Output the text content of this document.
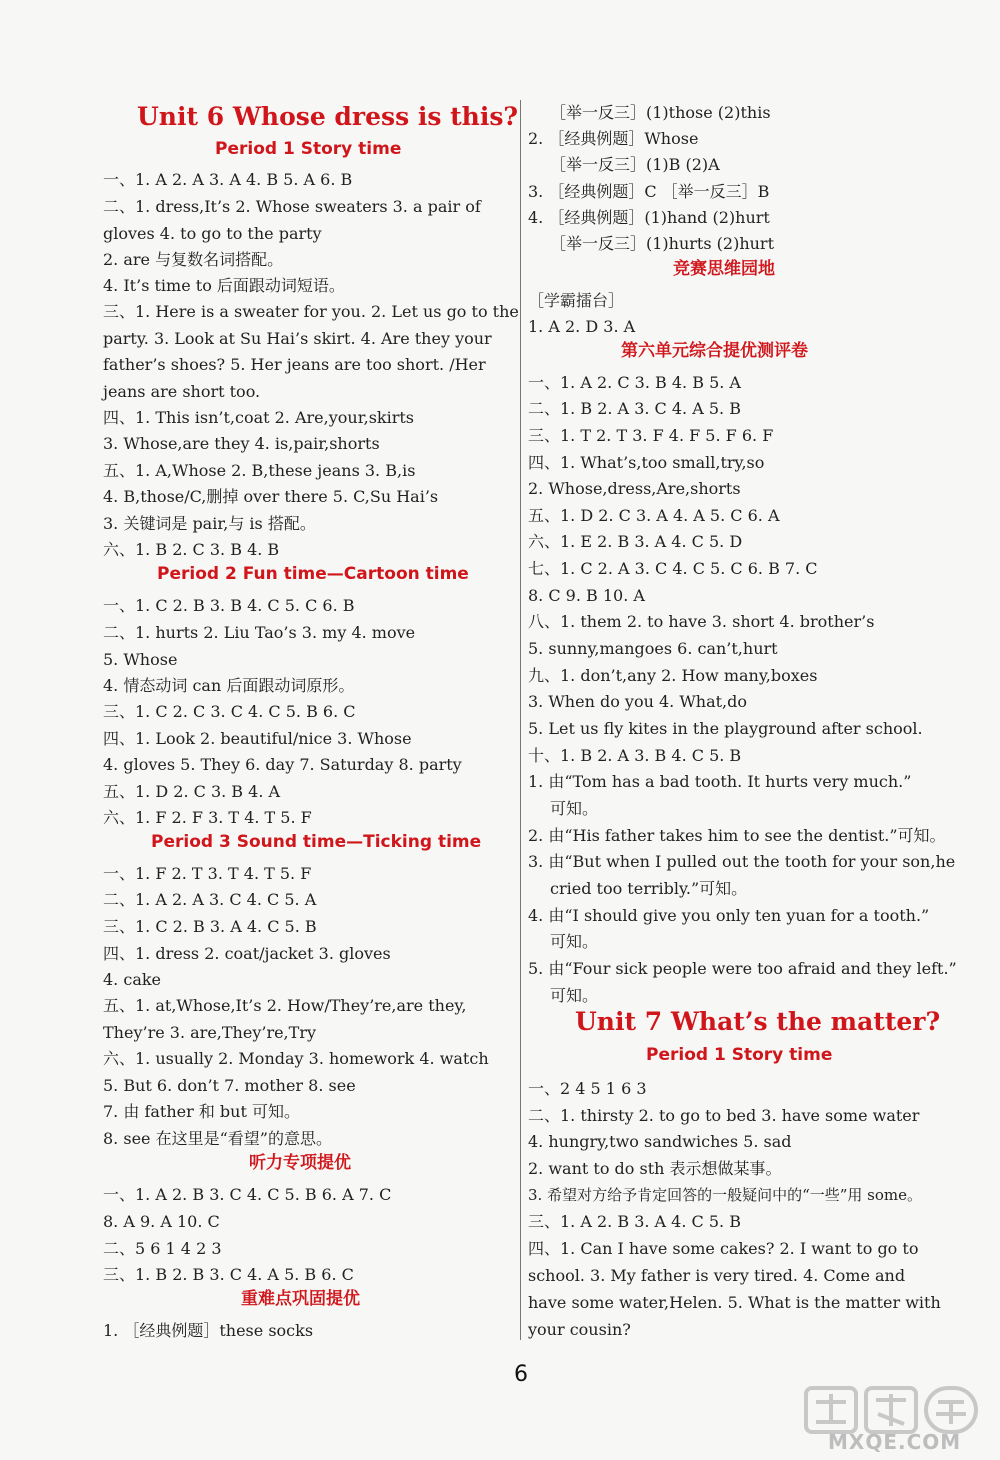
Unit 6 Whose dress is this?
Period 1 Story time
一、1. A 2. A 3. A 4. B 5. A 6. B
二、1. dress,It’s 2. Whose sweaters 3. a pair of
gloves 4. to go to the party
2. are 与复数名词搭配。
4. It’s time to 后面跟动词短语。
三、1. Here is a sweater for you. 2. Let us go to the
party. 3. Look at Su Hai’s skirt. 4. Are they your
father’s shoes? 5. Her jeans are too short. /Her
jeans are short too.
四、1. This isn’t,coat 2. Are,your,skirts
3. Whose,are they 4. is,pair,shorts
五、1. A,Whose 2. B,these jeans 3. B,is
4. B,those/C,删掉 over there 5. C,Su Hai’s
3. 关键词是 pair,与 is 搭配。
六、1. B 2. C 3. B 4. B
Period 2 Fun time—Cartoon time
一、1. C 2. B 3. B 4. C 5. C 6. B
二、1. hurts 2. Liu Tao’s 3. my 4. move
5. Whose
4. 情态动词 can 后面跟动词原形。
三、1. C 2. C 3. C 4. C 5. B 6. C
四、1. Look 2. beautiful/nice 3. Whose
4. gloves 5. They 6. day 7. Saturday 8. party
五、1. D 2. C 3. B 4. A
六、1. F 2. F 3. T 4. T 5. F
Period 3 Sound time—Ticking time
一、1. F 2. T 3. T 4. T 5. F
二、1. A 2. A 3. C 4. C 5. A
三、1. C 2. B 3. A 4. C 5. B
四、1. dress 2. coat/jacket 3. gloves
4. cake
五、1. at,Whose,It’s 2. How/They’re,are they,
They’re 3. are,They’re,Try
六、1. usually 2. Monday 3. homework 4. watch
5. But 6. don’t 7. mother 8. see
7. 由 father 和 but 可知。
8. see 在这里是“看望”的意思。
听力专项提优
一、1. A 2. B 3. C 4. C 5. B 6. A 7. C
8. A 9. A 10. C
二、5 6 1 4 2 3
三、1. B 2. B 3. C 4. A 5. B 6. C
重难点巩固提优
1. ［经典例题］these socks
［举一反三］(1)those (2)this
2. ［经典例题］Whose
［举一反三］(1)B (2)A
3. ［经典例题］C ［举一反三］B
4. ［经典例题］(1)hand (2)hurt
［举一反三］(1)hurts (2)hurt
竞赛思维园地
［学霸擂台］
1. A 2. D 3. A
第六单元综合提优测评卷
一、1. A 2. C 3. B 4. B 5. A
二、1. B 2. A 3. C 4. A 5. B
三、1. T 2. T 3. F 4. F 5. F 6. F
四、1. What’s,too small,try,so
2. Whose,dress,Are,shorts
五、1. D 2. C 3. A 4. A 5. C 6. A
六、1. E 2. B 3. A 4. C 5. D
七、1. C 2. A 3. C 4. C 5. C 6. B 7. C
8. C 9. B 10. A
八、1. them 2. to have 3. short 4. brother’s
5. sunny,mangoes 6. can’t,hurt
九、1. don’t,any 2. How many,boxes
3. When do you 4. What,do
5. Let us fly kites in the playground after school.
十、1. B 2. A 3. B 4. C 5. B
1. 由“Tom has a bad tooth. It hurts very much.”
可知。
2. 由“His father takes him to see the dentist.”可知。
3. 由“But when I pulled out the tooth for your son,he
cried too terribly.”可知。
4. 由“I should give you only ten yuan for a tooth.”
可知。
5. 由“Four sick people were too afraid and they left.”
可知。
Unit 7 What’s the matter?
Period 1 Story time
一、2 4 5 1 6 3
二、1. thirsty 2. to go to bed 3. have some water
4. hungry,two sandwiches 5. sad
2. want to do sth 表示想做某事。
3. 希望对方给予肯定回答的一般疑问中的“一些”用 some。
三、1. A 2. B 3. A 4. C 5. B
四、1. Can I have some cakes? 2. I want to go to
school. 3. My father is very tired. 4. Come and
have some water,Helen. 5. What is the matter with
your cousin?
6
MXQE.COM
